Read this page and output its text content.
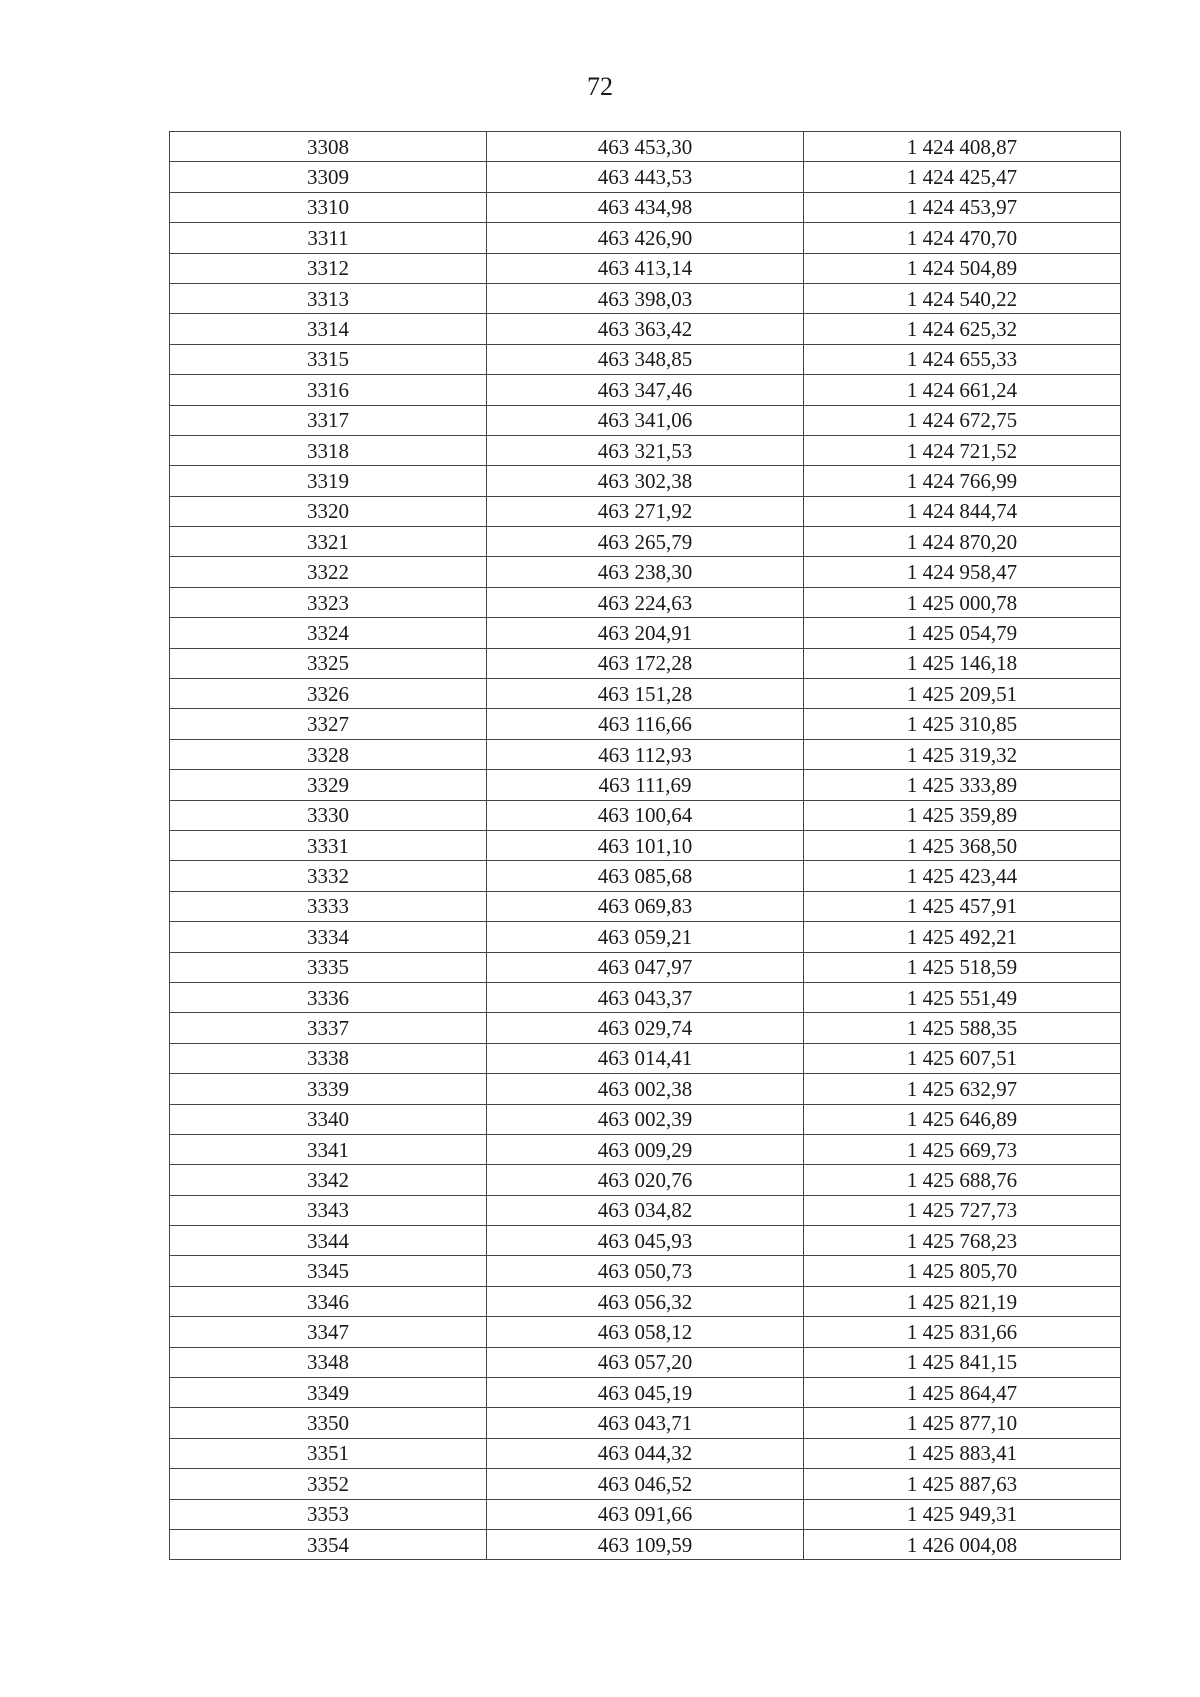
72
3308	463 453,30	1 424 408,87
3309	463 443,53	1 424 425,47
3310	463 434,98	1 424 453,97
3311	463 426,90	1 424 470,70
3312	463 413,14	1 424 504,89
3313	463 398,03	1 424 540,22
3314	463 363,42	1 424 625,32
3315	463 348,85	1 424 655,33
3316	463 347,46	1 424 661,24
3317	463 341,06	1 424 672,75
3318	463 321,53	1 424 721,52
3319	463 302,38	1 424 766,99
3320	463 271,92	1 424 844,74
3321	463 265,79	1 424 870,20
3322	463 238,30	1 424 958,47
3323	463 224,63	1 425 000,78
3324	463 204,91	1 425 054,79
3325	463 172,28	1 425 146,18
3326	463 151,28	1 425 209,51
3327	463 116,66	1 425 310,85
3328	463 112,93	1 425 319,32
3329	463 111,69	1 425 333,89
3330	463 100,64	1 425 359,89
3331	463 101,10	1 425 368,50
3332	463 085,68	1 425 423,44
3333	463 069,83	1 425 457,91
3334	463 059,21	1 425 492,21
3335	463 047,97	1 425 518,59
3336	463 043,37	1 425 551,49
3337	463 029,74	1 425 588,35
3338	463 014,41	1 425 607,51
3339	463 002,38	1 425 632,97
3340	463 002,39	1 425 646,89
3341	463 009,29	1 425 669,73
3342	463 020,76	1 425 688,76
3343	463 034,82	1 425 727,73
3344	463 045,93	1 425 768,23
3345	463 050,73	1 425 805,70
3346	463 056,32	1 425 821,19
3347	463 058,12	1 425 831,66
3348	463 057,20	1 425 841,15
3349	463 045,19	1 425 864,47
3350	463 043,71	1 425 877,10
3351	463 044,32	1 425 883,41
3352	463 046,52	1 425 887,63
3353	463 091,66	1 425 949,31
3354	463 109,59	1 426 004,08
